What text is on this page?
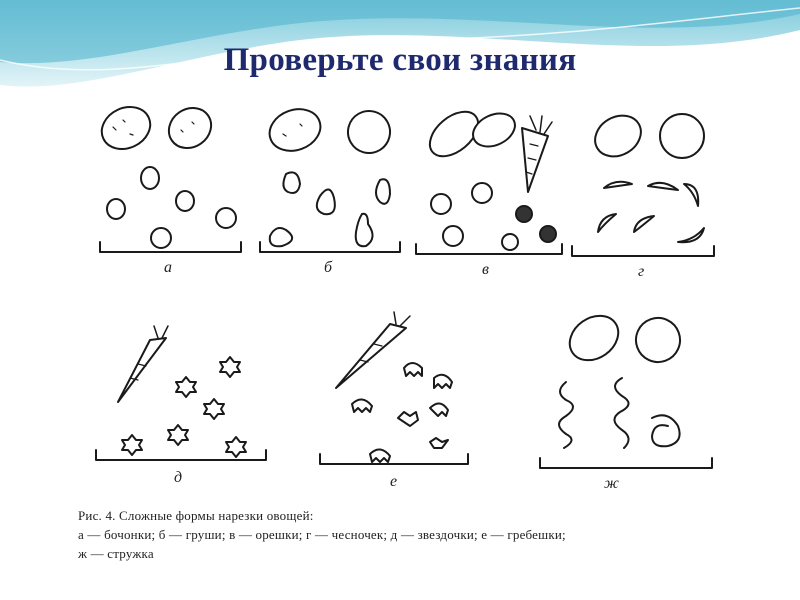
Проверьте свои знания
а	б	в	г
д	е	ж
Рис. 4. Сложные формы нарезки овощей:
а — бочонки; б — груши; в — орешки; г — чесночек; д — звездочки; е — гребешки;
ж — стружка
